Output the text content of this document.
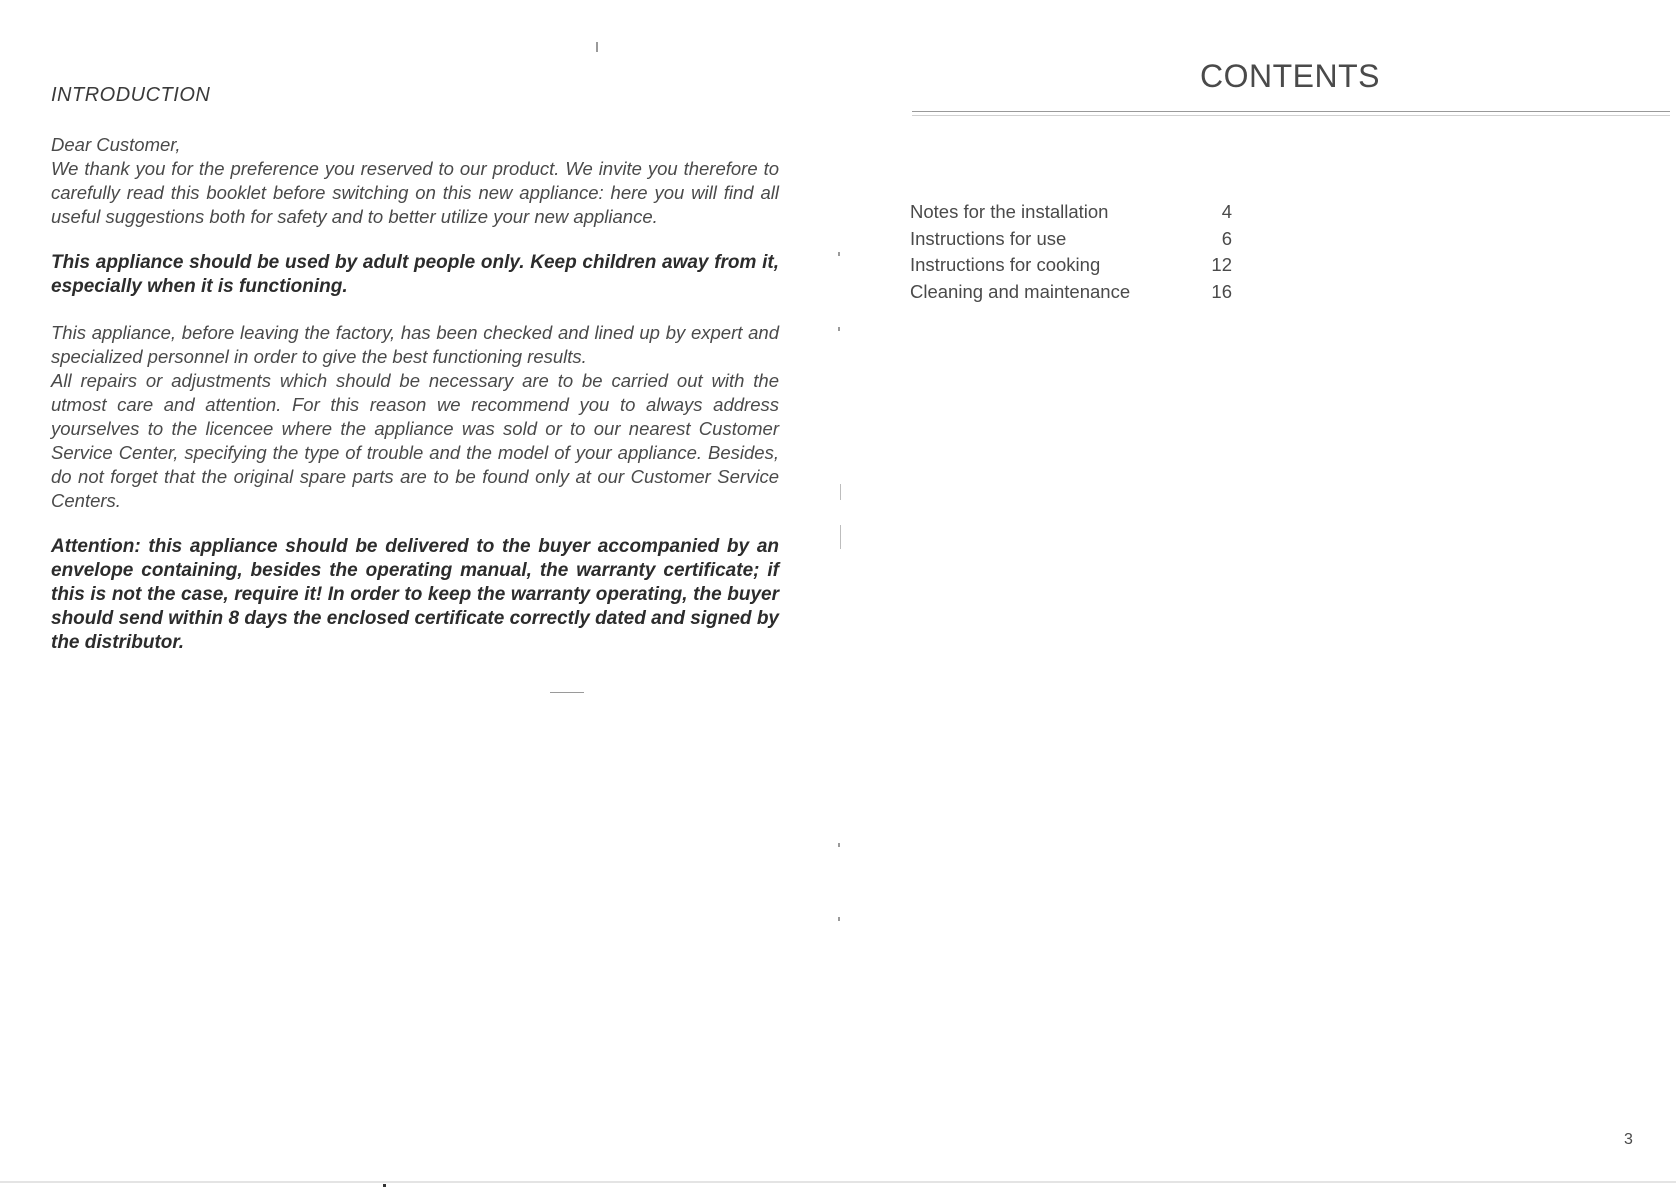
INTRODUCTION

Dear Customer,

We thank you for the preference you reserved to our product. We invite you therefore to carefully read this booklet before switching on this new appliance: here you will find all useful suggestions both for safety and to better utilize your new appliance.

This appliance should be used by adult people only. Keep children away from it, especially when it is functioning.

This appliance, before leaving the factory, has been checked and lined up by expert and specialized personnel in order to give the best functioning results.

All repairs or adjustments which should be necessary are to be carried out with the utmost care and attention. For this reason we recommend you to always address yourselves to the licencee where the appliance was sold or to our nearest Customer Service Center, specifying the type of trouble and the model of your appliance. Besides, do not forget that the original spare parts are to be found only at our Customer Service Centers.

Attention: this appliance should be delivered to the buyer accompanied by an envelope containing, besides the operating manual, the warranty certificate; if this is not the case, require it! In order to keep the warranty operating, the buyer should send within 8 days the enclosed certificate correctly dated and signed by the distributor.
CONTENTS
Notes for the installation	4
Instructions for use	6
Instructions for cooking	12
Cleaning and maintenance	16
3
